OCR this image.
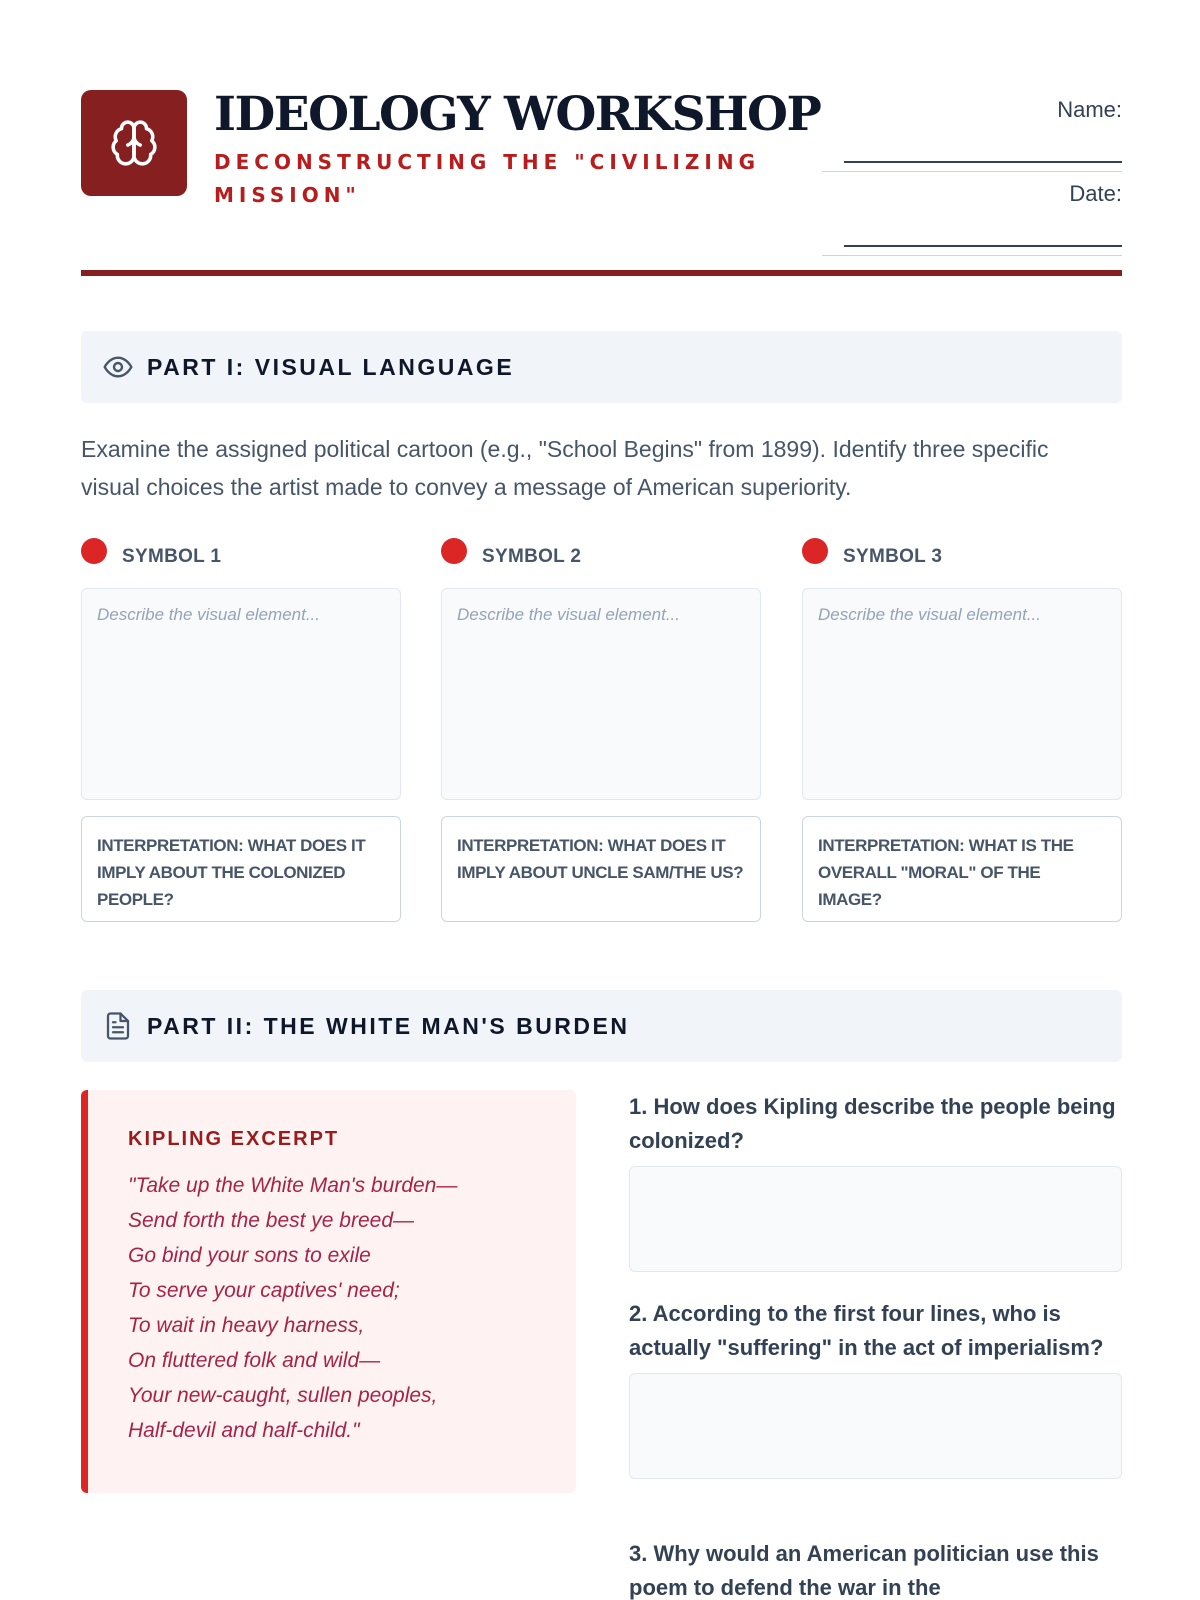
IDEOLOGY WORKSHOP
DECONSTRUCTING THE "CIVILIZING MISSION"
Name:
Date:
PART I: VISUAL LANGUAGE

Examine the assigned political cartoon (e.g., "School Begins" from 1899). Identify three specific visual choices the artist made to convey a message of American superiority.

SYMBOL 1
Describe the visual element...
INTERPRETATION: WHAT DOES IT IMPLY ABOUT THE COLONIZED PEOPLE?
SYMBOL 2
Describe the visual element...
INTERPRETATION: WHAT DOES IT IMPLY ABOUT UNCLE SAM/THE US?
SYMBOL 3
Describe the visual element...
INTERPRETATION: WHAT IS THE OVERALL "MORAL" OF THE IMAGE?
PART II: THE WHITE MAN'S BURDEN
KIPLING EXCERPT
"Take up the White Man's burden—
Send forth the best ye breed—
Go bind your sons to exile
To serve your captives' need;
To wait in heavy harness,
On fluttered folk and wild—
Your new-caught, sullen peoples,
Half-devil and half-child."
1. How does Kipling describe the people being colonized?
2. According to the first four lines, who is actually "suffering" in the act of imperialism?
3. Why would an American politician use this poem to defend the war in the
